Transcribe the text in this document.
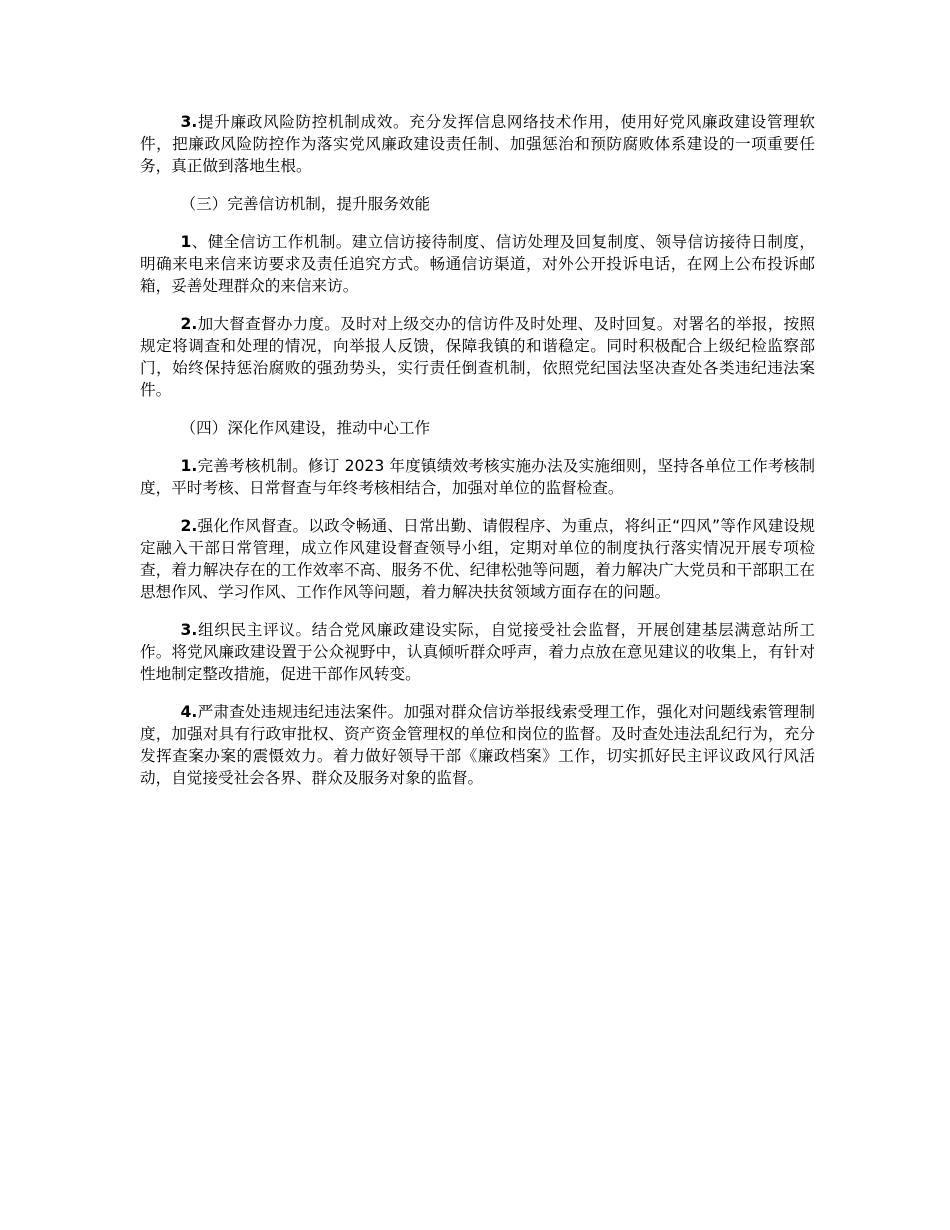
3.提升廉政风险防控机制成效。充分发挥信息网络技术作用，使用好党风廉政建设管理软件，把廉政风险防控作为落实党风廉政建设责任制、加强惩治和预防腐败体系建设的一项重要任务，真正做到落地生根。

（三）完善信访机制，提升服务效能

1、健全信访工作机制。建立信访接待制度、信访处理及回复制度、领导信访接待日制度，明确来电来信来访要求及责任追究方式。畅通信访渠道，对外公开投诉电话，在网上公布投诉邮箱，妥善处理群众的来信来访。

2.加大督查督办力度。及时对上级交办的信访件及时处理、及时回复。对署名的举报，按照规定将调查和处理的情况，向举报人反馈，保障我镇的和谐稳定。同时积极配合上级纪检监察部门，始终保持惩治腐败的强劲势头，实行责任倒查机制，依照党纪国法坚决查处各类违纪违法案件。

（四）深化作风建设，推动中心工作

1.完善考核机制。修订 2023 年度镇绩效考核实施办法及实施细则，坚持各单位工作考核制度，平时考核、日常督查与年终考核相结合，加强对单位的监督检查。

2.强化作风督查。以政令畅通、日常出勤、请假程序、为重点，将纠正“四风”等作风建设规定融入干部日常管理，成立作风建设督查领导小组，定期对单位的制度执行落实情况开展专项检查，着力解决存在的工作效率不高、服务不优、纪律松弛等问题，着力解决广大党员和干部职工在思想作风、学习作风、工作作风等问题，着力解决扶贫领域方面存在的问题。

3.组织民主评议。结合党风廉政建设实际，自觉接受社会监督，开展创建基层满意站所工作。将党风廉政建设置于公众视野中，认真倾听群众呼声，着力点放在意见建议的收集上，有针对性地制定整改措施，促进干部作风转变。

4.严肃查处违规违纪违法案件。加强对群众信访举报线索受理工作，强化对问题线索管理制度，加强对具有行政审批权、资产资金管理权的单位和岗位的监督。及时查处违法乱纪行为，充分发挥查案办案的震慑效力。着力做好领导干部《廉政档案》工作，切实抓好民主评议政风行风活动，自觉接受社会各界、群众及服务对象的监督。
